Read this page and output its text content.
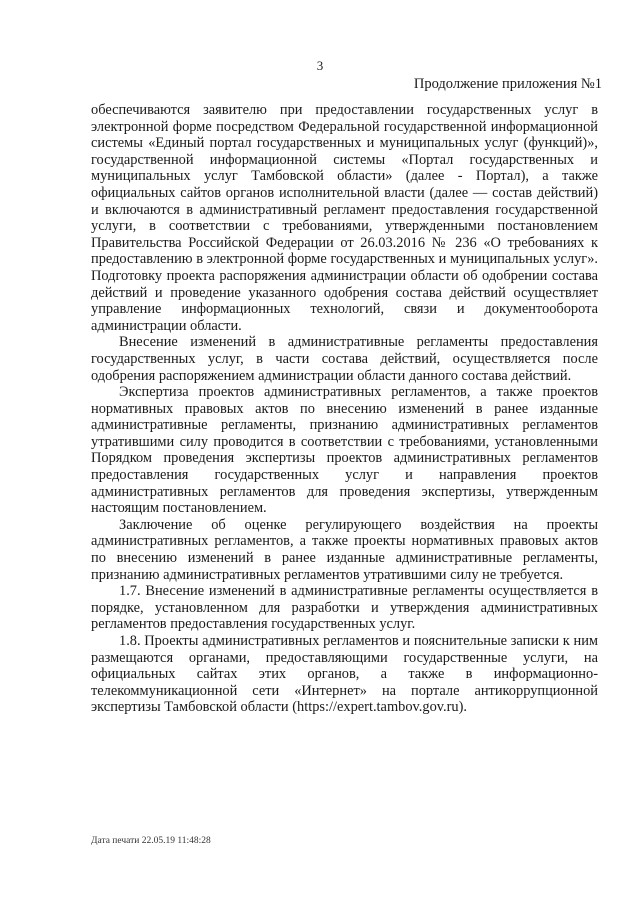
3
Продолжение приложения №1

обеспечиваются заявителю при предоставлении государственных услуг в электронной форме посредством Федеральной государственной информационной системы «Единый портал государственных и муниципальных услуг (функций)», государственной информационной системы «Портал государственных и муниципальных услуг Тамбовской области» (далее - Портал), а также официальных сайтов органов исполнительной власти (далее — состав действий) и включаются в административный регламент предоставления государственной услуги, в соответствии с требованиями, утвержденными постановлением Правительства Российской Федерации от 26.03.2016 № 236 «О требованиях к предоставлению в электронной форме государственных и муниципальных услуг». Подготовку проекта распоряжения администрации области об одобрении состава действий и проведение указанного одобрения состава действий осуществляет управление информационных технологий, связи и документооборота администрации области.

Внесение изменений в административные регламенты предоставления государственных услуг, в части состава действий, осуществляется после одобрения распоряжением администрации области данного состава действий.

Экспертиза проектов административных регламентов, а также проектов нормативных правовых актов по внесению изменений в ранее изданные административные регламенты, признанию административных регламентов утратившими силу проводится в соответствии с требованиями, установленными Порядком проведения экспертизы проектов административных регламентов предоставления государственных услуг и направления проектов административных регламентов для проведения экспертизы, утвержденным настоящим постановлением.

Заключение об оценке регулирующего воздействия на проекты административных регламентов, а также проекты нормативных правовых актов по внесению изменений в ранее изданные административные регламенты, признанию административных регламентов утратившими силу не требуется.

1.7. Внесение изменений в административные регламенты осуществляется в порядке, установленном для разработки и утверждения административных регламентов предоставления государственных услуг.

1.8. Проекты административных регламентов и пояснительные записки к ним размещаются органами, предоставляющими государственные услуги, на официальных сайтах этих органов, а также в информационно-телекоммуникационной сети «Интернет» на портале антикоррупционной экспертизы Тамбовской области (https://expert.tambov.gov.ru).

Дата печати 22.05.19 11:48:28
